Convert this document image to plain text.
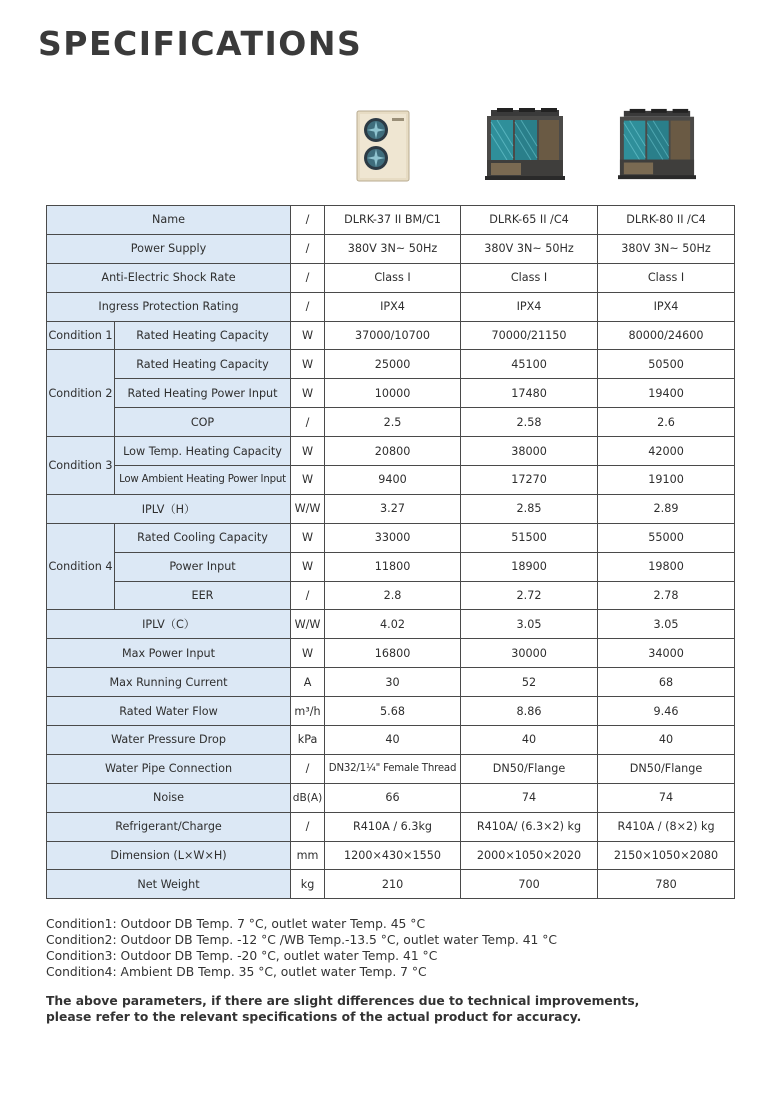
SPECIFICATIONS
Name		/	DLRK-37 II BM/C1	DLRK-65 II /C4	DLRK-80 II /C4
Power Supply		/	380V 3N~ 50Hz	380V 3N~ 50Hz	380V 3N~ 50Hz
Anti-Electric Shock Rate		/	Class I	Class I	Class I
Ingress Protection Rating		/	IPX4	IPX4	IPX4
Condition 1	Rated Heating Capacity	W	37000/10700	70000/21150	80000/24600
Condition 2	Rated Heating Capacity	W	25000	45100	50500
	Rated Heating Power Input	W	10000	17480	19400
	COP	/	2.5	2.58	2.6
Condition 3	Low Temp. Heating Capacity	W	20800	38000	42000
	Low Ambient Heating Power Input	W	9400	17270	19100
IPLV（H）		W/W	3.27	2.85	2.89
Condition 4	Rated Cooling Capacity	W	33000	51500	55000
	Power Input	W	11800	18900	19800
	EER	/	2.8	2.72	2.78
IPLV（C）		W/W	4.02	3.05	3.05
Max Power Input		W	16800	30000	34000
Max Running Current		A	30	52	68
Rated Water Flow		m³/h	5.68	8.86	9.46
Water Pressure Drop		kPa	40	40	40
Water Pipe Connection		/	DN32/1¼" Female Thread	DN50/Flange	DN50/Flange
Noise		dB(A)	66	74	74
Refrigerant/Charge		/	R410A / 6.3kg	R410A/ (6.3×2) kg	R410A / (8×2) kg
Dimension (L×W×H)		mm	1200×430×1550	2000×1050×2020	2150×1050×2080
Net Weight		kg	210	700	780
Condition1: Outdoor DB Temp. 7 °C, outlet water Temp. 45 °C
Condition2: Outdoor DB Temp. -12 °C /WB Temp.-13.5 °C, outlet water Temp. 41 °C
Condition3: Outdoor DB Temp. -20 °C, outlet water Temp. 41 °C
Condition4: Ambient DB Temp. 35 °C, outlet water Temp. 7 °C
The above parameters, if there are slight differences due to technical improvements,
please refer to the relevant specifications of the actual product for accuracy.
